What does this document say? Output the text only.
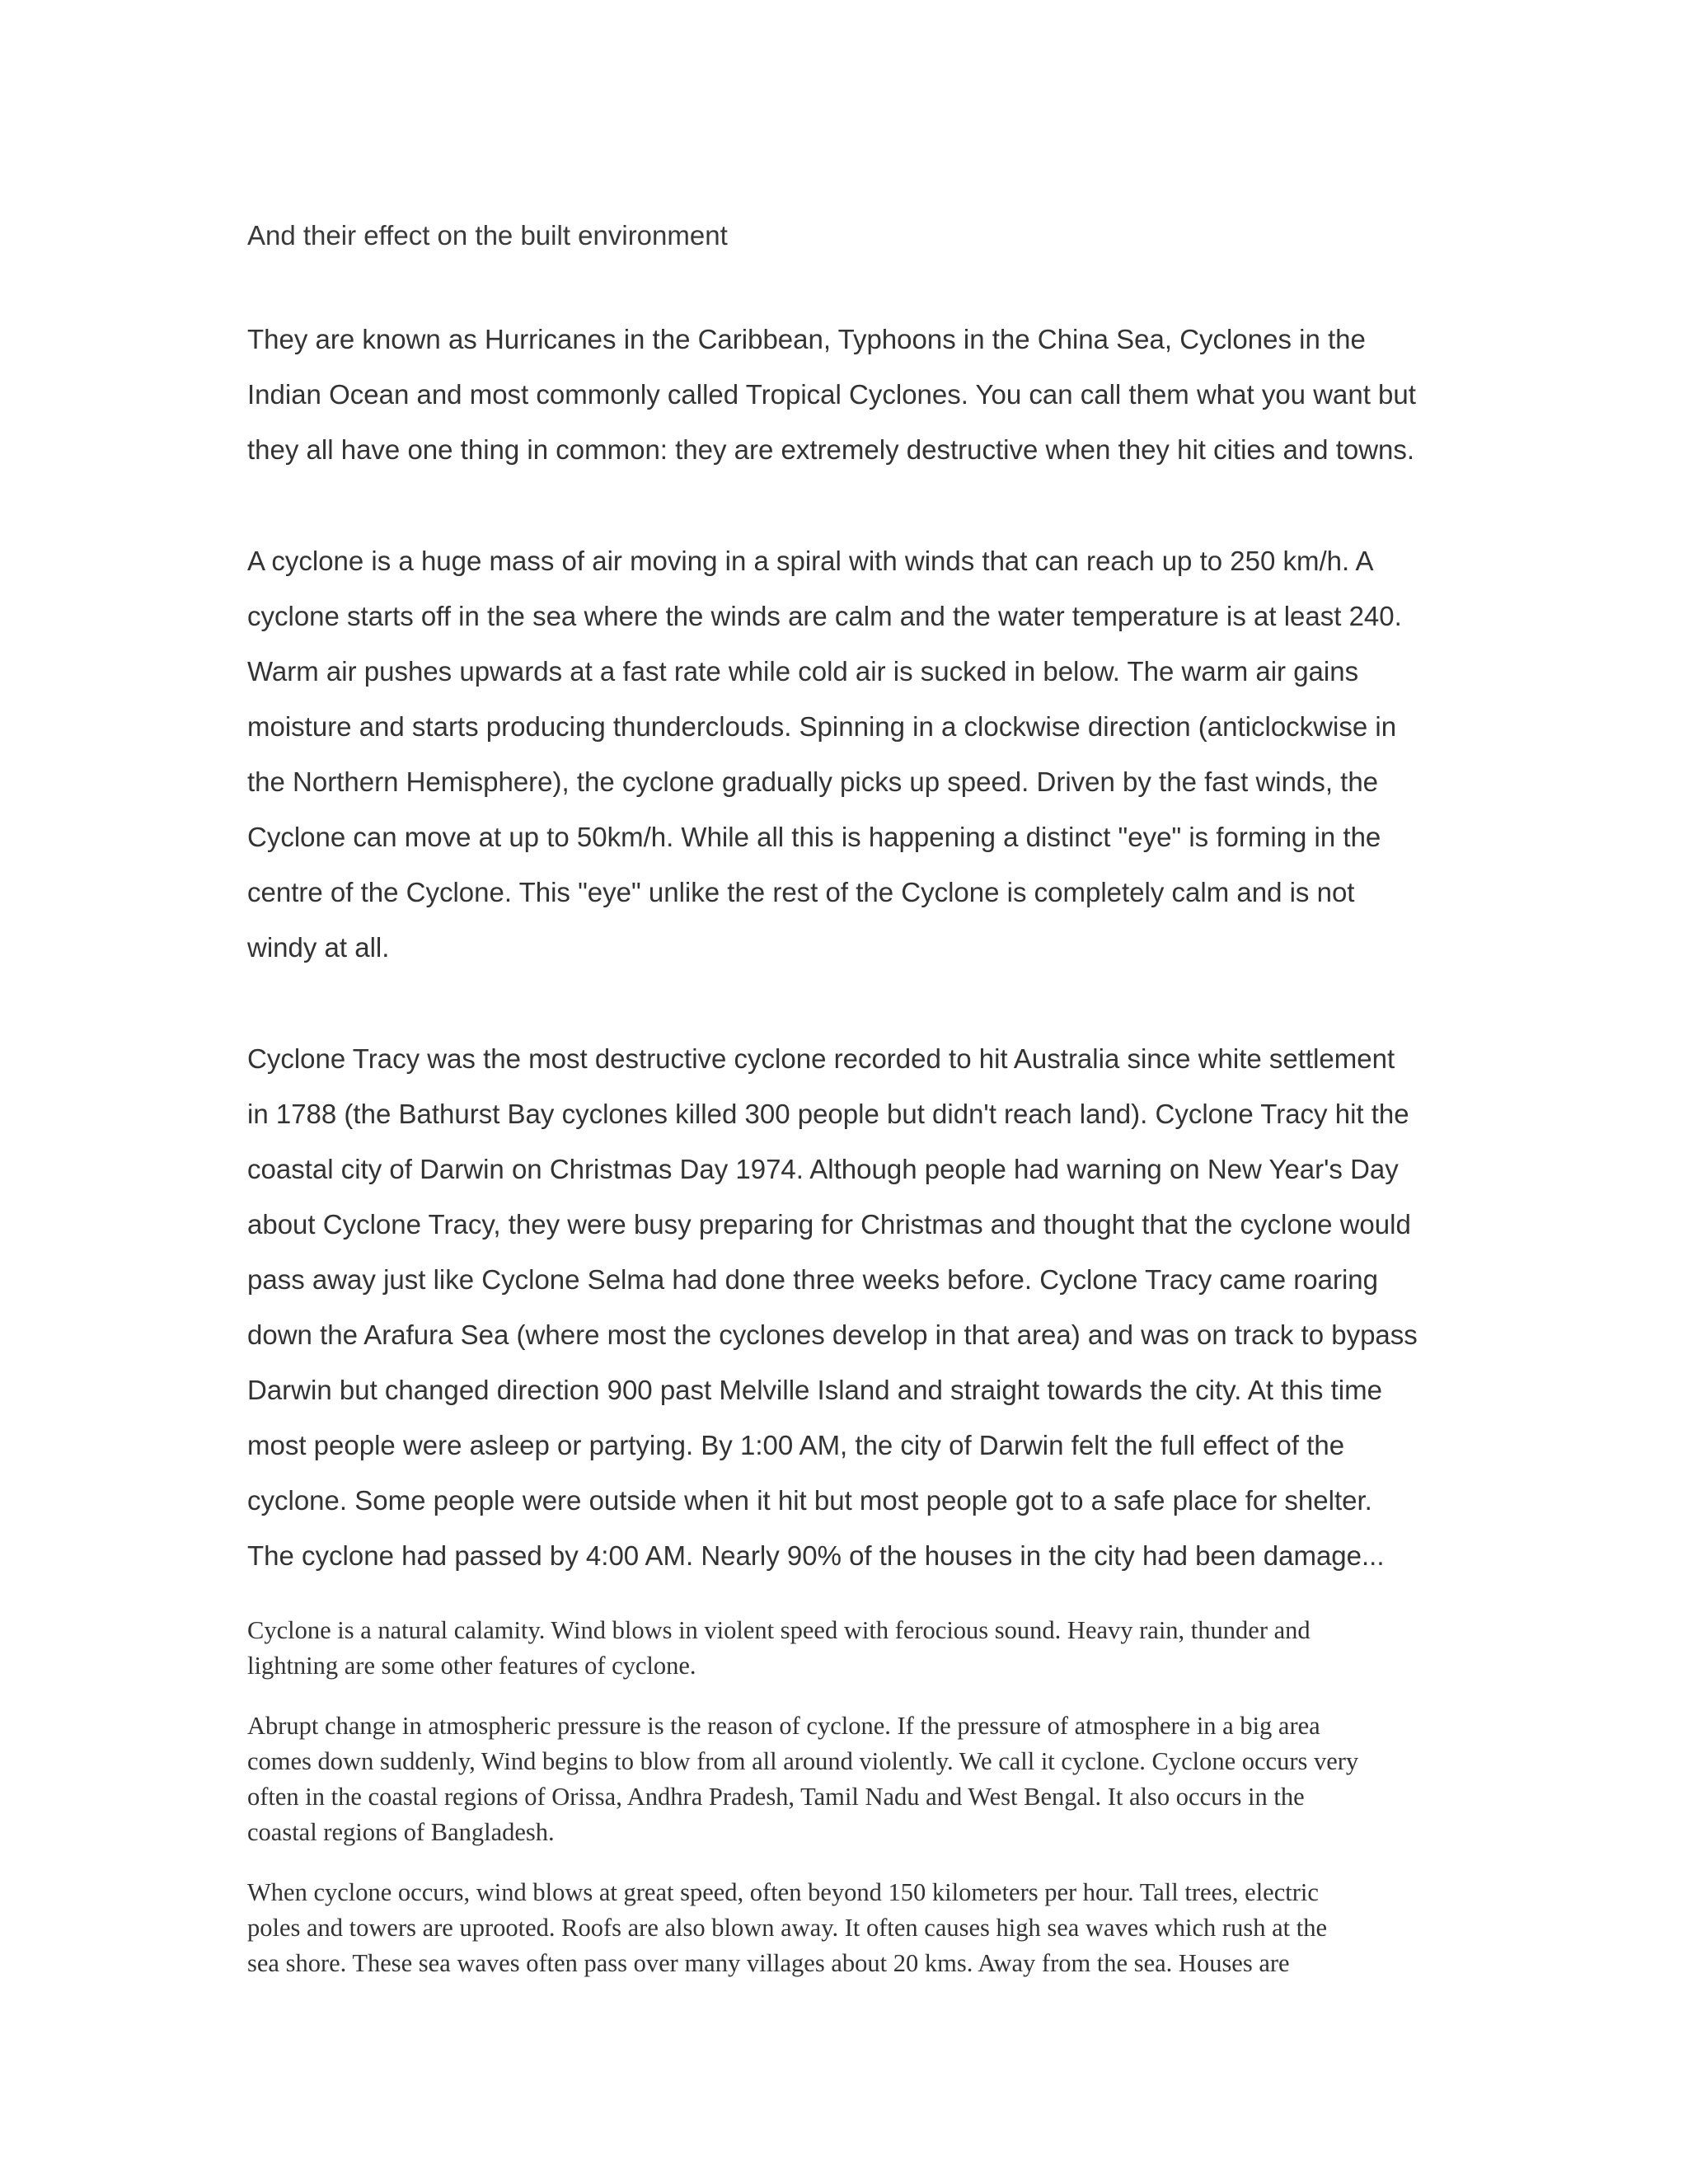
And their effect on the built environment

They are known as Hurricanes in the Caribbean, Typhoons in the China Sea, Cyclones in the
Indian Ocean and most commonly called Tropical Cyclones. You can call them what you want but
they all have one thing in common: they are extremely destructive when they hit cities and towns.

A cyclone is a huge mass of air moving in a spiral with winds that can reach up to 250 km/h. A
cyclone starts off in the sea where the winds are calm and the water temperature is at least 240.
Warm air pushes upwards at a fast rate while cold air is sucked in below. The warm air gains
moisture and starts producing thunderclouds. Spinning in a clockwise direction (anticlockwise in
the Northern Hemisphere), the cyclone gradually picks up speed. Driven by the fast winds, the
Cyclone can move at up to 50km/h. While all this is happening a distinct "eye" is forming in the
centre of the Cyclone. This "eye" unlike the rest of the Cyclone is completely calm and is not
windy at all.

Cyclone Tracy was the most destructive cyclone recorded to hit Australia since white settlement
in 1788 (the Bathurst Bay cyclones killed 300 people but didn't reach land). Cyclone Tracy hit the
coastal city of Darwin on Christmas Day 1974. Although people had warning on New Year's Day
about Cyclone Tracy, they were busy preparing for Christmas and thought that the cyclone would
pass away just like Cyclone Selma had done three weeks before. Cyclone Tracy came roaring
down the Arafura Sea (where most the cyclones develop in that area) and was on track to bypass
Darwin but changed direction 900 past Melville Island and straight towards the city. At this time
most people were asleep or partying. By 1:00 AM, the city of Darwin felt the full effect of the
cyclone. Some people were outside when it hit but most people got to a safe place for shelter.
The cyclone had passed by 4:00 AM. Nearly 90% of the houses in the city had been damage...

Cyclone is a natural calamity. Wind blows in violent speed with ferocious sound. Heavy rain, thunder and
lightning are some other features of cyclone.

Abrupt change in atmospheric pressure is the reason of cyclone. If the pressure of atmosphere in a big area
comes down suddenly, Wind begins to blow from all around violently. We call it cyclone. Cyclone occurs very
often in the coastal regions of Orissa, Andhra Pradesh, Tamil Nadu and West Bengal. It also occurs in the
coastal regions of Bangladesh.

When cyclone occurs, wind blows at great speed, often beyond 150 kilometers per hour. Tall trees, electric
poles and towers are uprooted. Roofs are also blown away. It often causes high sea waves which rush at the
sea shore. These sea waves often pass over many villages about 20 kms. Away from the sea. Houses are
